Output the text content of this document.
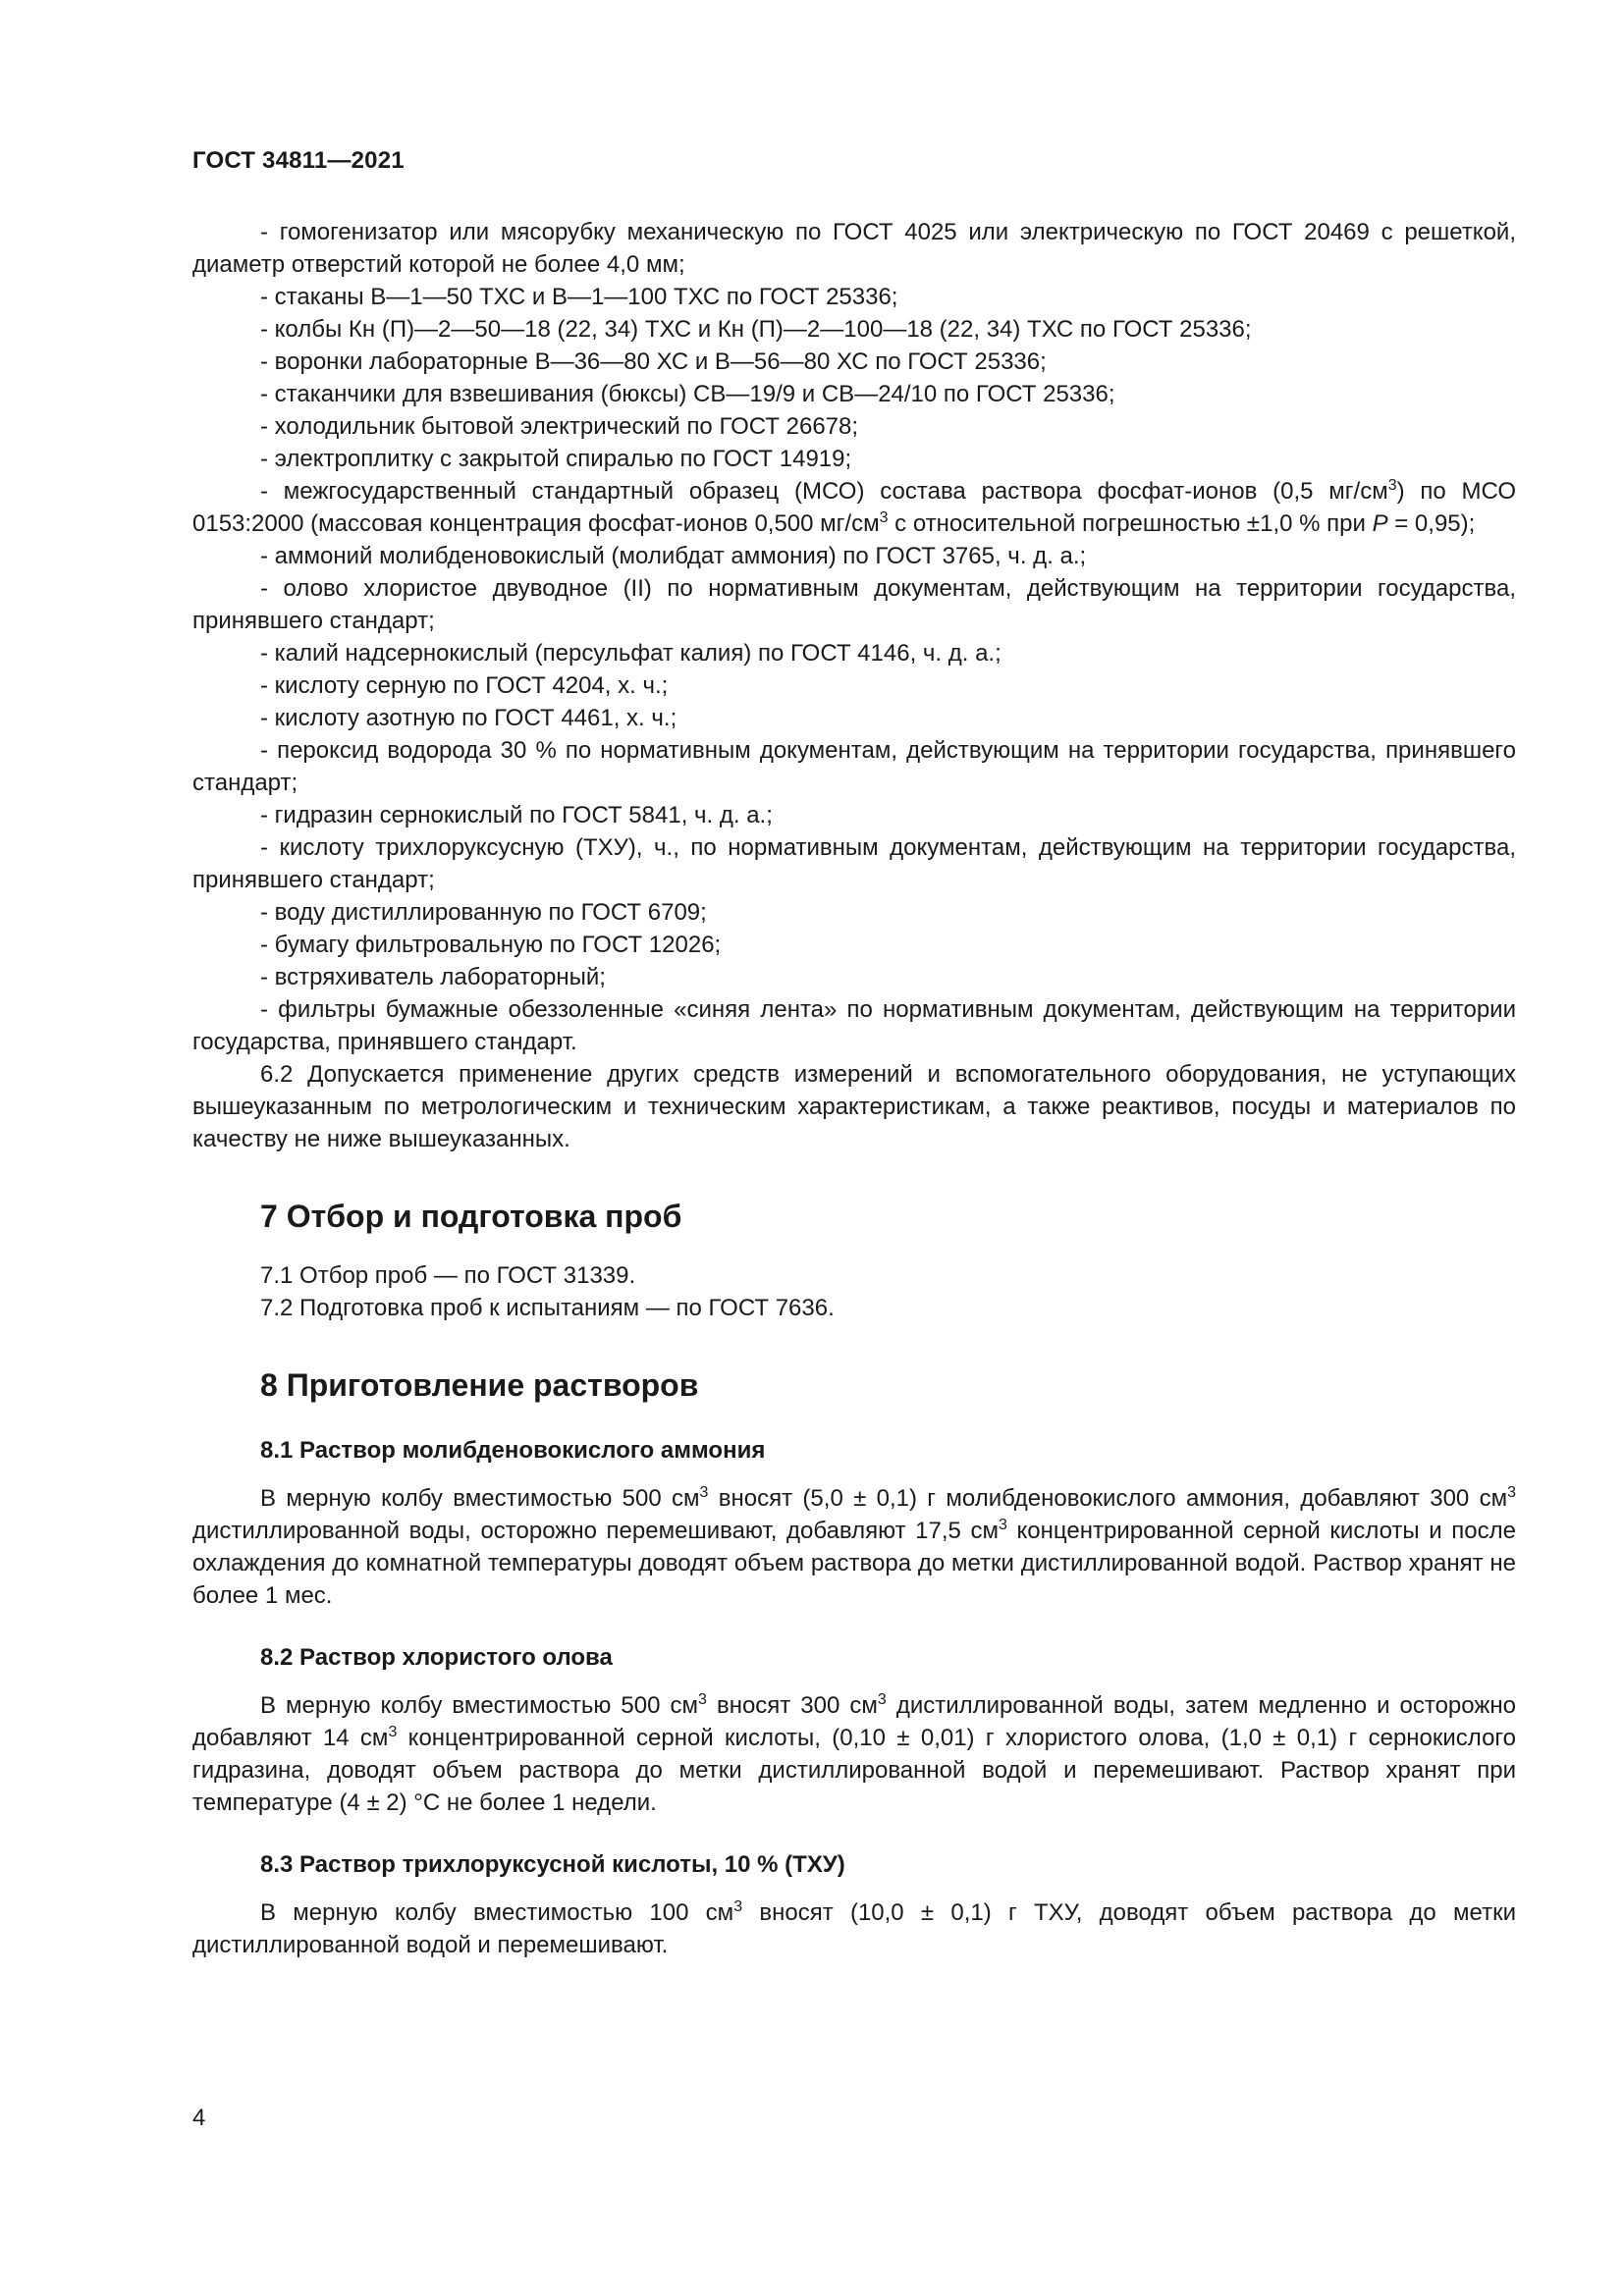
ГОСТ 34811—2021

- гомогенизатор или мясорубку механическую по ГОСТ 4025 или электрическую по ГОСТ 20469 с решеткой, диаметр отверстий которой не более 4,0 мм;

- стаканы В—1—50 ТХС и В—1—100 ТХС по ГОСТ 25336;

- колбы Кн (П)—2—50—18 (22, 34) ТХС и Кн (П)—2—100—18 (22, 34) ТХС по ГОСТ 25336;

- воронки лабораторные В—36—80 ХС и В—56—80 ХС по ГОСТ 25336;

- стаканчики для взвешивания (бюксы) СВ—19/9 и СВ—24/10 по ГОСТ 25336;

- холодильник бытовой электрический по ГОСТ 26678;

- электроплитку с закрытой спиралью по ГОСТ 14919;

- межгосударственный стандартный образец (МСО) состава раствора фосфат-ионов (0,5 $мг/см^3$) по МСО 0153:2000 (массовая концентрация фосфат-ионов 0,500 $мг/см^3$ с относительной погрешностью ±1,0 % при P = 0,95);

- аммоний молибденовокислый (молибдат аммония) по ГОСТ 3765, ч. д. а.;

- олово хлористое двуводное (II) по нормативным документам, действующим на территории государства, принявшего стандарт;

- калий надсернокислый (персульфат калия) по ГОСТ 4146, ч. д. а.;

- кислоту серную по ГОСТ 4204, х. ч.;

- кислоту азотную по ГОСТ 4461, х. ч.;

- пероксид водорода 30 % по нормативным документам, действующим на территории государства, принявшего стандарт;

- гидразин сернокислый по ГОСТ 5841, ч. д. а.;

- кислоту трихлоруксусную (ТХУ), ч., по нормативным документам, действующим на территории государства, принявшего стандарт;

- воду дистиллированную по ГОСТ 6709;

- бумагу фильтровальную по ГОСТ 12026;

- встряхиватель лабораторный;

- фильтры бумажные обеззоленные «синяя лента» по нормативным документам, действующим на территории государства, принявшего стандарт.

6.2 Допускается применение других средств измерений и вспомогательного оборудования, не уступающих вышеуказанным по метрологическим и техническим характеристикам, а также реактивов, посуды и материалов по качеству не ниже вышеуказанных.

7 Отбор и подготовка проб

7.1 Отбор проб — по ГОСТ 31339.

7.2 Подготовка проб к испытаниям — по ГОСТ 7636.

8 Приготовление растворов
8.1 Раствор молибденовокислого аммония

В мерную колбу вместимостью 500 $см^3$ вносят (5,0 ± 0,1) г молибденовокислого аммония, добавляют 300 $см^3$ дистиллированной воды, осторожно перемешивают, добавляют 17,5 $см^3$ концентрированной серной кислоты и после охлаждения до комнатной температуры доводят объем раствора до метки дистиллированной водой. Раствор хранят не более 1 мес.

8.2 Раствор хлористого олова

В мерную колбу вместимостью 500 $см^3$ вносят 300 $см^3$ дистиллированной воды, затем медленно и осторожно добавляют 14 $см^3$ концентрированной серной кислоты, (0,10 ± 0,01) г хлористого олова, (1,0 ± 0,1) г сернокислого гидразина, доводят объем раствора до метки дистиллированной водой и перемешивают. Раствор хранят при температуре (4 ± 2) °С не более 1 недели.

8.3 Раствор трихлоруксусной кислоты, 10 % (ТХУ)

В мерную колбу вместимостью 100 $см^3$ вносят (10,0 ± 0,1) г ТХУ, доводят объем раствора до метки дистиллированной водой и перемешивают.

4
